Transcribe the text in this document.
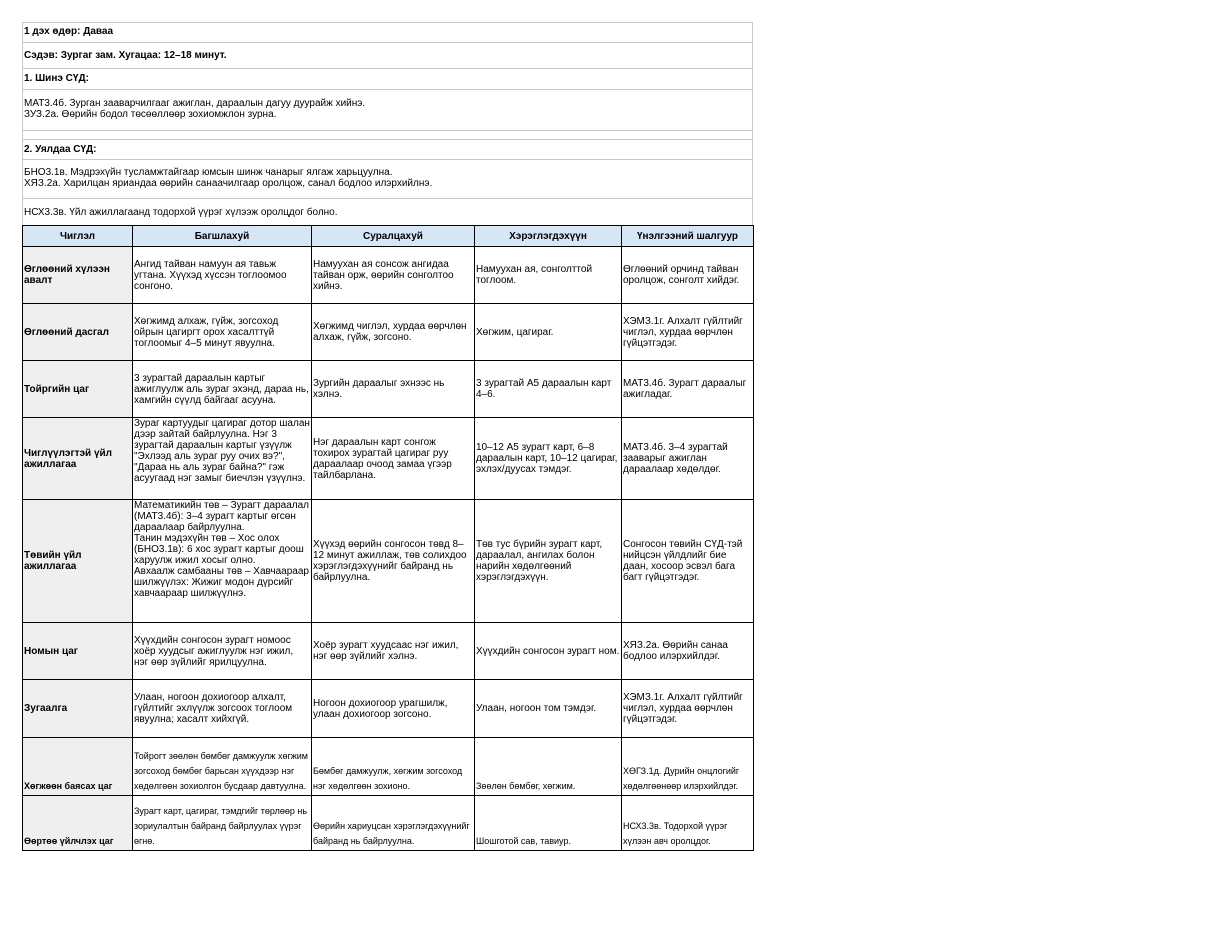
1 дэх өдөр: Даваа
Сэдэв: Зургаг зам. Хугацаа: 12–18 минут.
1. Шинэ СҮД:
МАТ3.4б. Зурган зааварчилгааг ажиглан, дараалын дагуу дуурайж хийнэ.
ЗУЗ.2а. Өөрийн бодол төсөөллөөр зохиомжлон зурна.
2. Уялдаа СҮД:
БНО3.1в. Мэдрэхүйн тусламжтайгаар юмсын шинж чанарыг ялгаж харьцуулна.
ХЯЗ.2а. Харилцан яриандаа өөрийн санаачилгаар оролцож, санал бодлоо илэрхийлнэ.
НСХ3.3в. Үйл ажиллагаанд тодорхой үүрэг хүлээж оролцдог болно.
Чиглэл	Багшлахуй	Суралцахуй	Хэрэглэгдэхүүн	Үнэлгээний шалгуур
Өглөөний хүлээн авалт	Ангид тайван намуун ая тавьж угтана. Хүүхэд хүссэн тоглоомоо сонгоно.	Намуухан ая сонсож ангидаа тайван орж, өөрийн сонголтоо хийнэ.	Намуухан ая, сонголттой тоглоом.	Өглөөний орчинд тайван оролцож, сонголт хийдэг.
Өглөөний дасгал	Хөгжимд алхаж, гүйж, зогсоход ойрын цагиргт орох хасалттүй тоглоомыг 4–5 минут явуулна.	Хөгжимд чиглэл, хурдаа өөрчлөн алхаж, гүйж, зогсоно.	Хөгжим, цагираг.	ХЭМЗ.1г. Алхалт гүйлтийг чиглэл, хурдаа өөрчлөн гүйцэтгэдэг.
Тойргийн цаг	3 зурагтай дараалын картыг ажиглуулж аль зураг эхэнд, дараа нь, хамгийн сүүлд байгааг асууна.	Зургийн дараалыг эхнээс нь хэлнэ.	3 зурагтай А5 дараалын карт 4–6.	МАТ3.4б. Зурагт дараалыг ажигладаг.
Чиглүүлэгтэй үйл ажиллагаа	Зураг картуудыг цагираг дотор шалан дээр зайтай байрлуулна. Нэг 3 зурагтай дараалын картыг үзүүлж "Эхлээд аль зураг руу очих вэ?", "Дараа нь аль зураг байна?" гэж асуугаад нэг замыг биечлэн үзүүлнэ.	Нэг дараалын карт сонгож тохирох зурагтай цагираг руу дараалаар очоод замаа үгээр тайлбарлана.	10–12 А5 зурагт карт, 6–8 дараалын карт, 10–12 цагираг, эхлэх/дуусах тэмдэг.	МАТ3.4б. 3–4 зурагтай заавaрыг ажиглан дараалаар хөдөлдөг.
Төвийн үйл ажиллагаа	Математикийн төв – Зурагт дараалал (МАТ3.4б): 3–4 зурагт картыг өгсөн дараалаар байрлуулна.
Танин мэдэхүйн төв – Хос олох (БНО3.1в): 6 хос зурагт картыг доош харуулж ижил хосыг олно.
Авхаалж самбааны төв – Хавчаараар шилжүүлэх: Жижиг модон дүрсийг хавчаараар шилжүүлнэ.	Хүүхэд өөрийн сонгосон төвд 8–12 минут ажиллаж, төв солихдоо хэрэглэгдэхүүнийг байранд нь байрлуулна.	Төв тус бүрийн зурагт карт, дараалал, ангилах болон нарийн хөдөлгөөний хэрэглэгдэхүүн.	Сонгосон төвийн СҮД-тэй нийцсэн үйлдлийг бие даан, хосоор эсвэл бага багт гүйцэтгэдэг.
Номын цаг	Хүүхдийн сонгосон зурагт номоос хоёр хуудсыг ажиглуулж нэг ижил, нэг өөр зүйлийг ярилцуулна.	Хоёр зурагт хуудсаас нэг ижил, нэг өөр зүйлийг хэлнэ.	Хүүхдийн сонгосон зурагт ном.	ХЯЗ.2а. Өөрийн санаа бодлоо илэрхийлдэг.
Зугаалга	Улаан, ногоон дохиогоор алхалт, гүйлтийг эхлүүлж зогсоох тоглоом явуулна; хасалт хийхгүй.	Ногоон дохиогоор урагшилж, улаан дохиогоор зогсоно.	Улаан, ногоон том тэмдэг.	ХЭМЗ.1г. Алхалт гүйлтийг чиглэл, хурдаа өөрчлөн гүйцэтгэдэг.
Хөгжөөн баясах цаг	Тойрогт зөөлөн бөмбөг дамжуулж хөгжим зогсоход бөмбөг барьсан хүүхдээр нэг хөдөлгөөн зохиолгон бусдаар давтуулна.	Бөмбөг дамжуулж, хөгжим зогсоход нэг хөдөлгөөн зохионо.	Зөөлөн бөмбөг, хөгжим.	ХӨГЗ.1д. Дурийн онцлогийг хөдөлгөөнөөр илэрхийлдэг.
Өөртөө үйлчлэх цаг	Зурагт карт, цагираг, тэмдгийг төрлөөр нь зориулалтын байранд байрлуулах үүрэг өгнө.	Өөрийн хариуцсан хэрэглэгдэхүүнийг байранд нь байрлуулна.	Шошготой сав, тавиур.	НСХ3.3в. Тодорхой үүрэг хүлээн авч оролцдог.
